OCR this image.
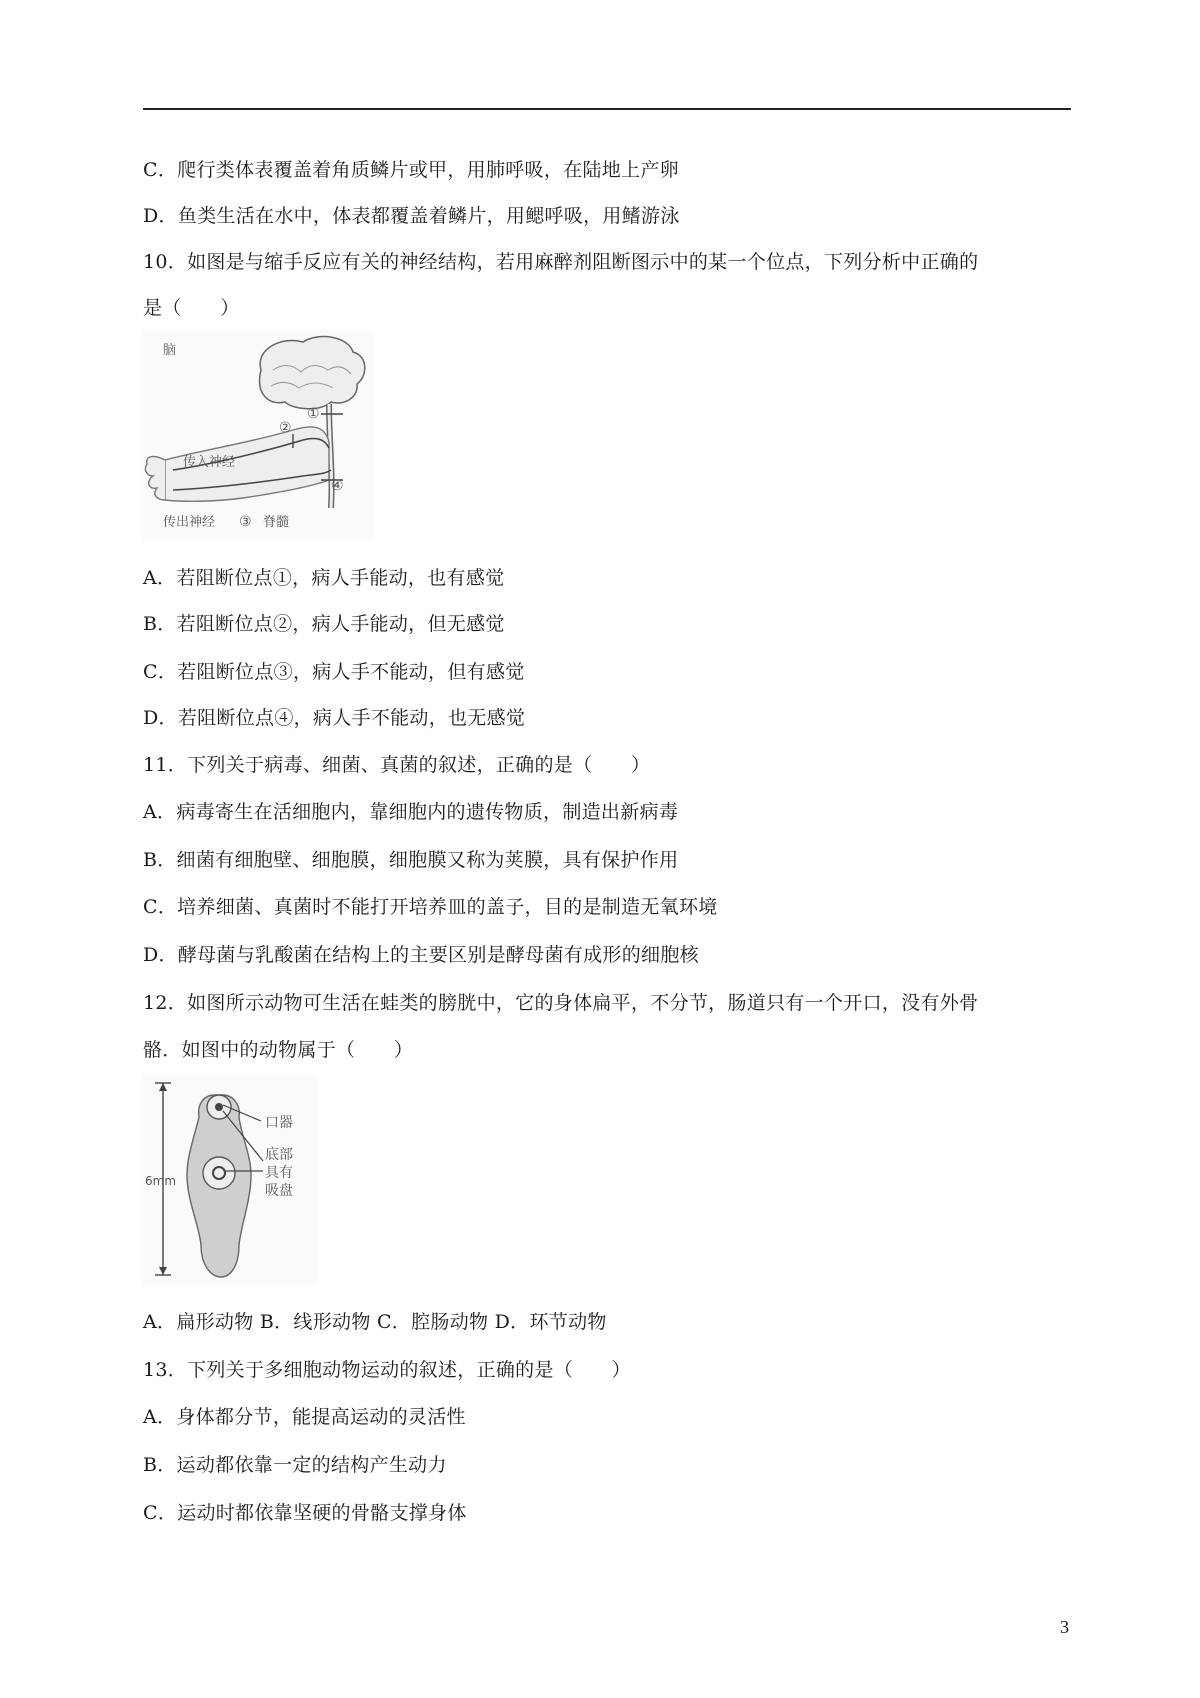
C．爬行类体表覆盖着角质鳞片或甲，用肺呼吸，在陆地上产卵
D．鱼类生活在水中，体表都覆盖着鳞片，用鳃呼吸，用鳍游泳
10．如图是与缩手反应有关的神经结构，若用麻醉剂阻断图示中的某一个位点，下列分析中正确的
是（　　）
脑
①
②
③
④
传入神经
传出神经	脊髓
A．若阻断位点①，病人手能动，也有感觉
B．若阻断位点②，病人手能动，但无感觉
C．若阻断位点③，病人手不能动，但有感觉
D．若阻断位点④，病人手不能动，也无感觉
11．下列关于病毒、细菌、真菌的叙述，正确的是（　　）
A．病毒寄生在活细胞内，靠细胞内的遗传物质，制造出新病毒
B．细菌有细胞壁、细胞膜，细胞膜又称为荚膜，具有保护作用
C．培养细菌、真菌时不能打开培养皿的盖子，目的是制造无氧环境
D．酵母菌与乳酸菌在结构上的主要区别是酵母菌有成形的细胞核
12．如图所示动物可生活在蛙类的膀胱中，它的身体扁平，不分节，肠道只有一个开口，没有外骨
骼．如图中的动物属于（　　）
6mm
口器
底部
具有
吸盘
A．扁形动物 B．线形动物 C．腔肠动物 D．环节动物
13．下列关于多细胞动物运动的叙述，正确的是（　　）
A．身体都分节，能提高运动的灵活性
B．运动都依靠一定的结构产生动力
C．运动时都依靠坚硬的骨骼支撑身体
3
